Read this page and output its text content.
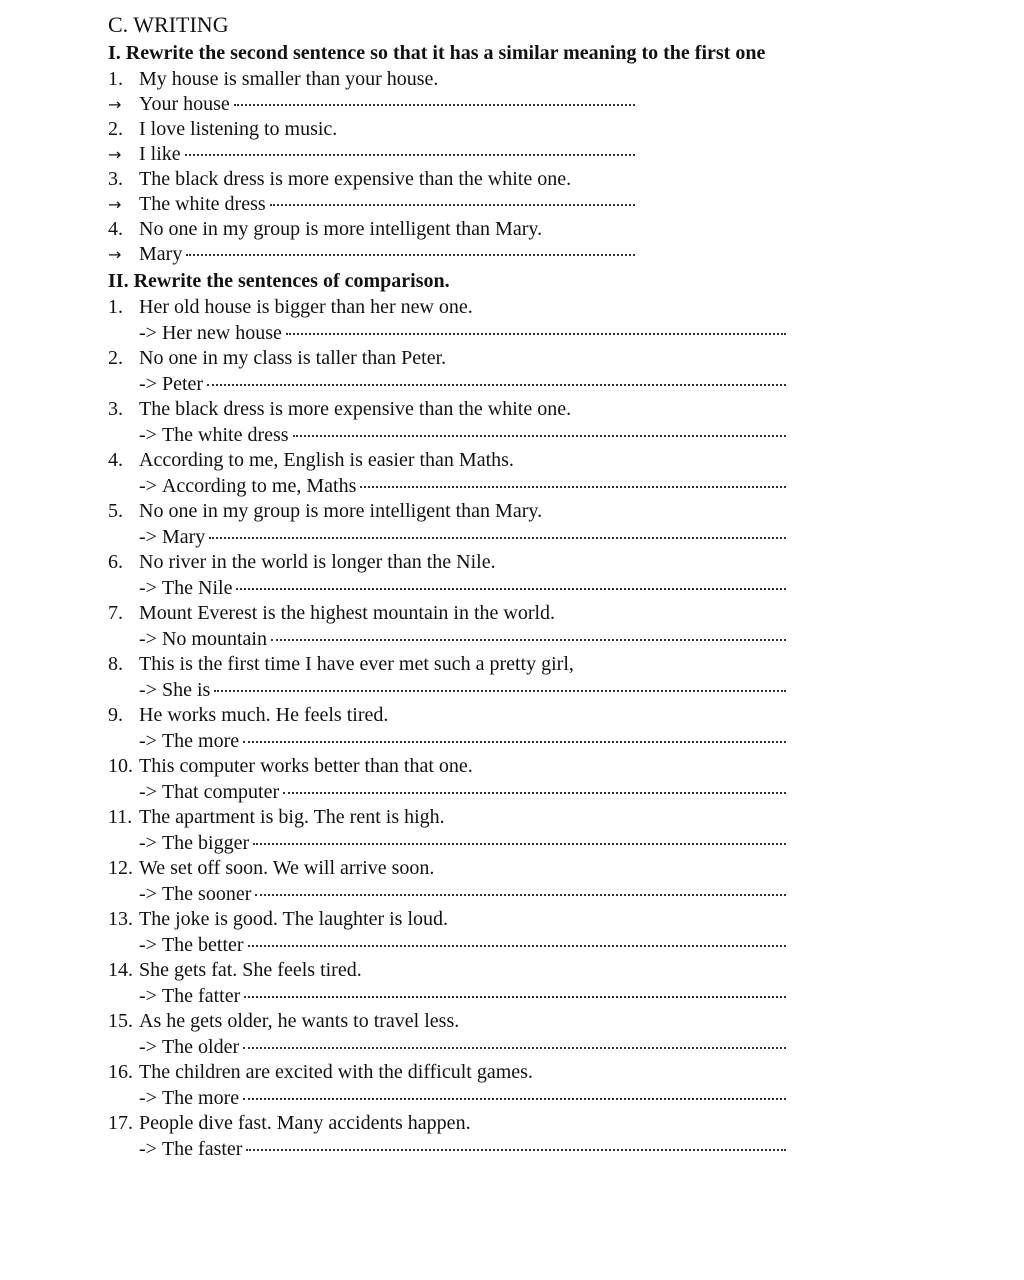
C. WRITING
I. Rewrite the second sentence so that it has a similar meaning to the first one
1. My house is smaller than your house.
→ Your house
2. I love listening to music.
→ I like
3. The black dress is more expensive than the white one.
→ The white dress
4. No one in my group is more intelligent than Mary.
→ Mary
II. Rewrite the sentences of comparison.
1. Her old house is bigger than her new one.
->
Her new house
2. No one in my class is taller than Peter.
->
Peter
3. The black dress is more expensive than the white one.
->
The white dress
4. According to me, English is easier than Maths.
->
According to me, Maths
5. No one in my group is more intelligent than Mary.
->
Mary
6. No river in the world is longer than the Nile.
->
The Nile
7. Mount Everest is the highest mountain in the world.
->
No mountain
8. This is the first time I have ever met such a pretty girl,
->
She is
9. He works much. He feels tired.
->
The more
10. This computer works better than that one.
->
That computer
11. The apartment is big. The rent is high.
->
The bigger
12. We set off soon. We will arrive soon.
->
The sooner
13. The joke is good. The laughter is loud.
->
The better
14. She gets fat. She feels tired.
->
The fatter
15. As he gets older, he wants to travel less.
->
The older
16. The children are excited with the difficult games.
->
The more
17. People dive fast. Many accidents happen.
->
The faster
